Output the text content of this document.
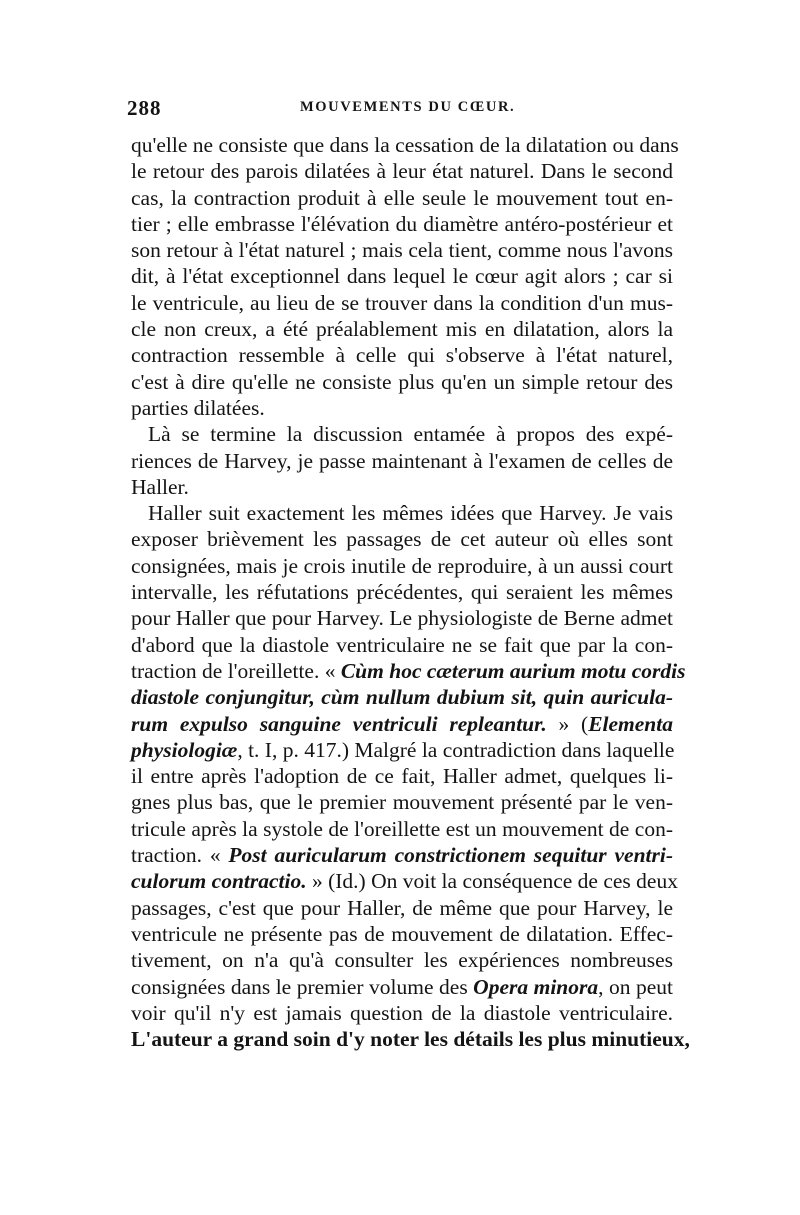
288	MOUVEMENTS DU CŒUR.
qu'elle ne consiste que dans la cessation de la dilatation ou dans
le retour des parois dilatées à leur état naturel. Dans le second
cas, la contraction produit à elle seule le mouvement tout en-
tier ; elle embrasse l'élévation du diamètre antéro-postérieur et
son retour à l'état naturel ; mais cela tient, comme nous l'avons
dit, à l'état exceptionnel dans lequel le cœur agit alors ; car si
le ventricule, au lieu de se trouver dans la condition d'un mus-
cle non creux, a été préalablement mis en dilatation, alors la
contraction ressemble à celle qui s'observe à l'état naturel,
c'est à dire qu'elle ne consiste plus qu'en un simple retour des
parties dilatées.
Là se termine la discussion entamée à propos des expé-
riences de Harvey, je passe maintenant à l'examen de celles de
Haller.
Haller suit exactement les mêmes idées que Harvey. Je vais
exposer brièvement les passages de cet auteur où elles sont
consignées, mais je crois inutile de reproduire, à un aussi court
intervalle, les réfutations précédentes, qui seraient les mêmes
pour Haller que pour Harvey. Le physiologiste de Berne admet
d'abord que la diastole ventriculaire ne se fait que par la con-
traction de l'oreillette. « Cùm hoc cæterum aurium motu cordis
diastole conjungitur, cùm nullum dubium sit, quin auricula-
rum expulso sanguine ventriculi repleantur. » (Elementa
physiologiæ, t. I, p. 417.) Malgré la contradiction dans laquelle
il entre après l'adoption de ce fait, Haller admet, quelques li-
gnes plus bas, que le premier mouvement présenté par le ven-
tricule après la systole de l'oreillette est un mouvement de con-
traction. « Post auricularum constrictionem sequitur ventri-
culorum contractio. » (Id.) On voit la conséquence de ces deux
passages, c'est que pour Haller, de même que pour Harvey, le
ventricule ne présente pas de mouvement de dilatation. Effec-
tivement, on n'a qu'à consulter les expériences nombreuses
consignées dans le premier volume des Opera minora, on peut
voir qu'il n'y est jamais question de la diastole ventriculaire.
L'auteur a grand soin d'y noter les détails les plus minutieux,
